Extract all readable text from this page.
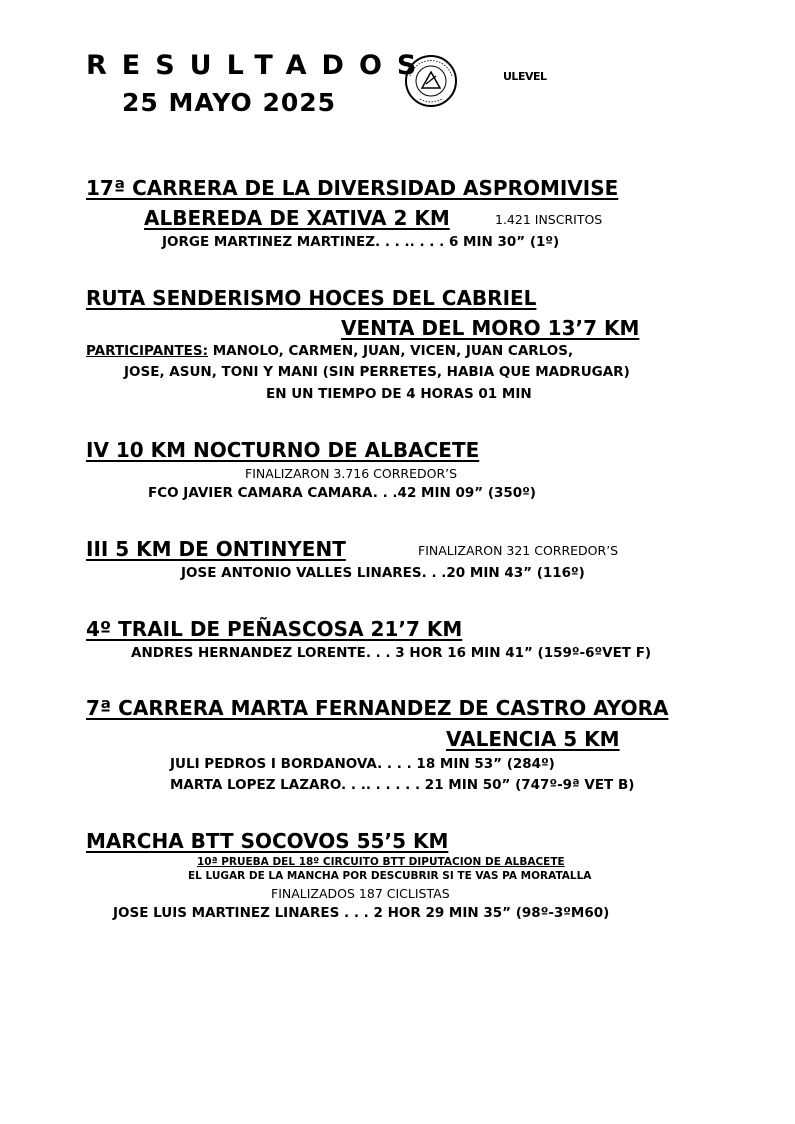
RESULTADOS
25 MAYO 2025
ULEVEL
17ª CARRERA DE LA DIVERSIDAD ASPROMIVISE
ALBEREDA DE XATIVA 2 KM	1.421 INSCRITOS
JORGE MARTINEZ MARTINEZ. . . .. . . . 6 MIN 30” (1º)
RUTA SENDERISMO HOCES DEL CABRIEL
VENTA DEL MORO 13’7 KM
PARTICIPANTES: MANOLO, CARMEN, JUAN, VICEN, JUAN CARLOS,
JOSE, ASUN, TONI Y MANI (SIN PERRETES, HABIA QUE MADRUGAR)
EN UN TIEMPO DE 4 HORAS 01 MIN
IV 10 KM NOCTURNO DE ALBACETE
FINALIZARON 3.716 CORREDOR’S
FCO JAVIER CAMARA CAMARA. . .42 MIN 09” (350º)
III 5 KM DE ONTINYENT	FINALIZARON 321 CORREDOR’S
JOSE ANTONIO VALLES LINARES. . .20 MIN 43” (116º)
4º TRAIL DE PEÑASCOSA 21’7 KM
ANDRES HERNANDEZ LORENTE. . . 3 HOR 16 MIN 41” (159º-6ºVET F)
7ª CARRERA MARTA FERNANDEZ DE CASTRO AYORA
VALENCIA 5 KM
JULI PEDROS I BORDANOVA. . . . 18 MIN 53” (284º)
MARTA LOPEZ LAZARO. . .. . . . . . 21 MIN 50” (747º-9ª VET B)
MARCHA BTT SOCOVOS 55’5 KM
10ª PRUEBA DEL 18º CIRCUITO BTT DIPUTACION DE ALBACETE
EL LUGAR DE LA MANCHA POR DESCUBRIR SI TE VAS PA MORATALLA
FINALIZADOS 187 CICLISTAS
JOSE LUIS MARTINEZ LINARES . . . 2 HOR 29 MIN 35” (98º-3ºM60)
